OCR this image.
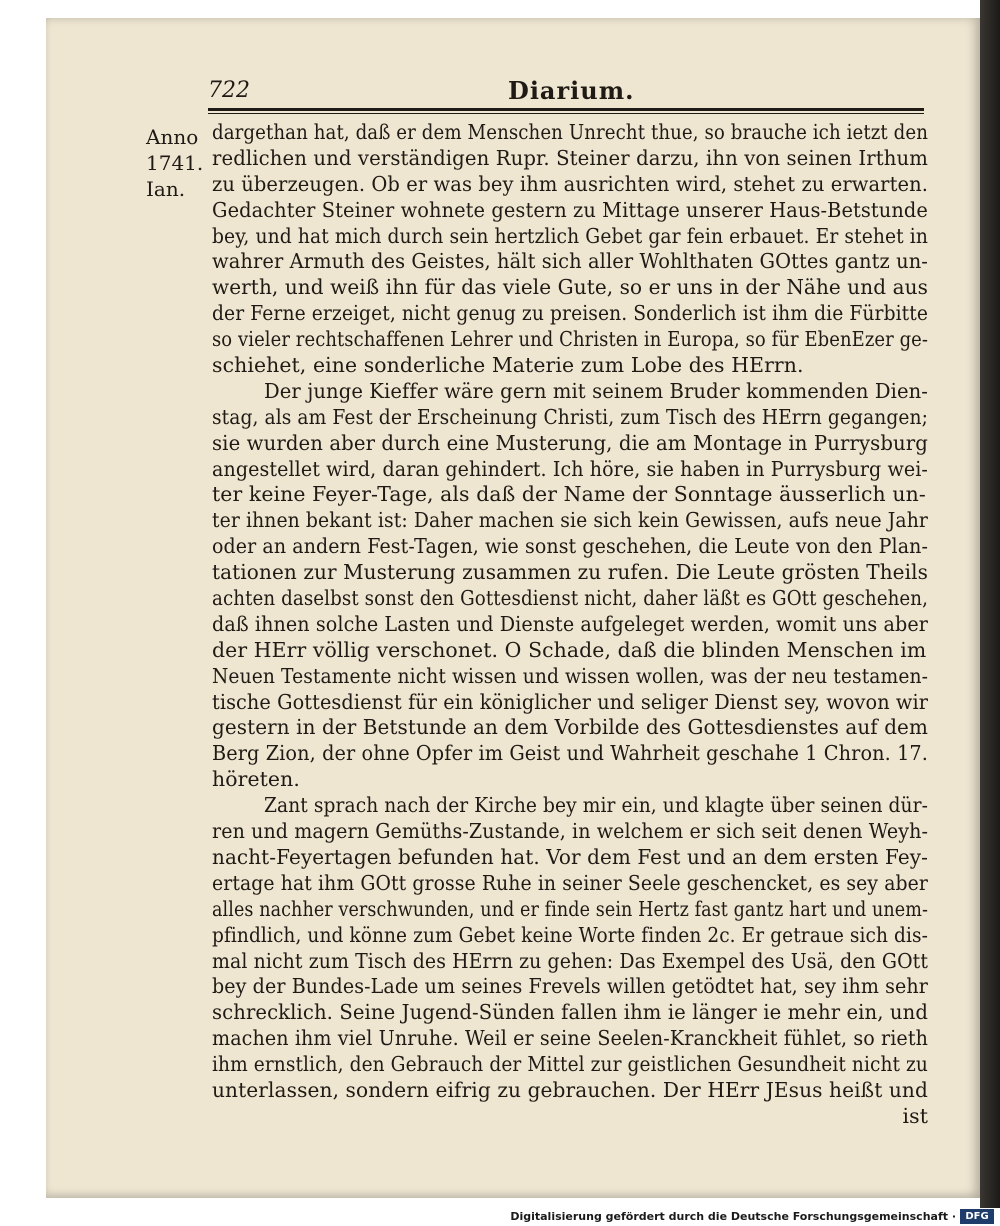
722	Diarium.
Anno
1741.
Ian.
dargethan hat, daß er dem Menschen Unrecht thue, so brauche ich ietzt den
redlichen und verständigen Rupr. Steiner darzu, ihn von seinen Irthum
zu überzeugen. Ob er was bey ihm ausrichten wird, stehet zu erwarten.
Gedachter Steiner wohnete gestern zu Mittage unserer Haus-Betstunde
bey, und hat mich durch sein hertzlich Gebet gar fein erbauet. Er stehet in
wahrer Armuth des Geistes, hält sich aller Wohlthaten GOttes gantz un-
werth, und weiß ihn für das viele Gute, so er uns in der Nähe und aus
der Ferne erzeiget, nicht genug zu preisen. Sonderlich ist ihm die Fürbitte
so vieler rechtschaffenen Lehrer und Christen in Europa, so für EbenEzer ge-
schiehet, eine sonderliche Materie zum Lobe des HErrn.
Der junge Kieffer wäre gern mit seinem Bruder kommenden Dien-
stag, als am Fest der Erscheinung Christi, zum Tisch des HErrn gegangen;
sie wurden aber durch eine Musterung, die am Montage in Purrysburg
angestellet wird, daran gehindert. Ich höre, sie haben in Purrysburg wei-
ter keine Feyer-Tage, als daß der Name der Sonntage äusserlich un-
ter ihnen bekant ist: Daher machen sie sich kein Gewissen, aufs neue Jahr
oder an andern Fest-Tagen, wie sonst geschehen, die Leute von den Plan-
tationen zur Musterung zusammen zu rufen. Die Leute grösten Theils
achten daselbst sonst den Gottesdienst nicht, daher läßt es GOtt geschehen,
daß ihnen solche Lasten und Dienste aufgeleget werden, womit uns aber
der HErr völlig verschonet. O Schade, daß die blinden Menschen im
Neuen Testamente nicht wissen und wissen wollen, was der neu testamen-
tische Gottesdienst für ein königlicher und seliger Dienst sey, wovon wir
gestern in der Betstunde an dem Vorbilde des Gottesdienstes auf dem
Berg Zion, der ohne Opfer im Geist und Wahrheit geschahe 1 Chron. 17.
höreten.
Zant sprach nach der Kirche bey mir ein, und klagte über seinen dür-
ren und magern Gemüths-Zustande, in welchem er sich seit denen Weyh-
nacht-Feyertagen befunden hat. Vor dem Fest und an dem ersten Fey-
ertage hat ihm GOtt grosse Ruhe in seiner Seele geschencket, es sey aber
alles nachher verschwunden, und er finde sein Hertz fast gantz hart und unem-
pfindlich, und könne zum Gebet keine Worte finden 2c. Er getraue sich dis-
mal nicht zum Tisch des HErrn zu gehen: Das Exempel des Usä, den GOtt
bey der Bundes-Lade um seines Frevels willen getödtet hat, sey ihm sehr
schrecklich. Seine Jugend-Sünden fallen ihm ie länger ie mehr ein, und
machen ihm viel Unruhe. Weil er seine Seelen-Kranckheit fühlet, so rieth
ihm ernstlich, den Gebrauch der Mittel zur geistlichen Gesundheit nicht zu
unterlassen, sondern eifrig zu gebrauchen. Der HErr JEsus heißt und
ist
Digitalisierung gefördert durch die Deutsche Forschungsgemeinschaft · DFG
